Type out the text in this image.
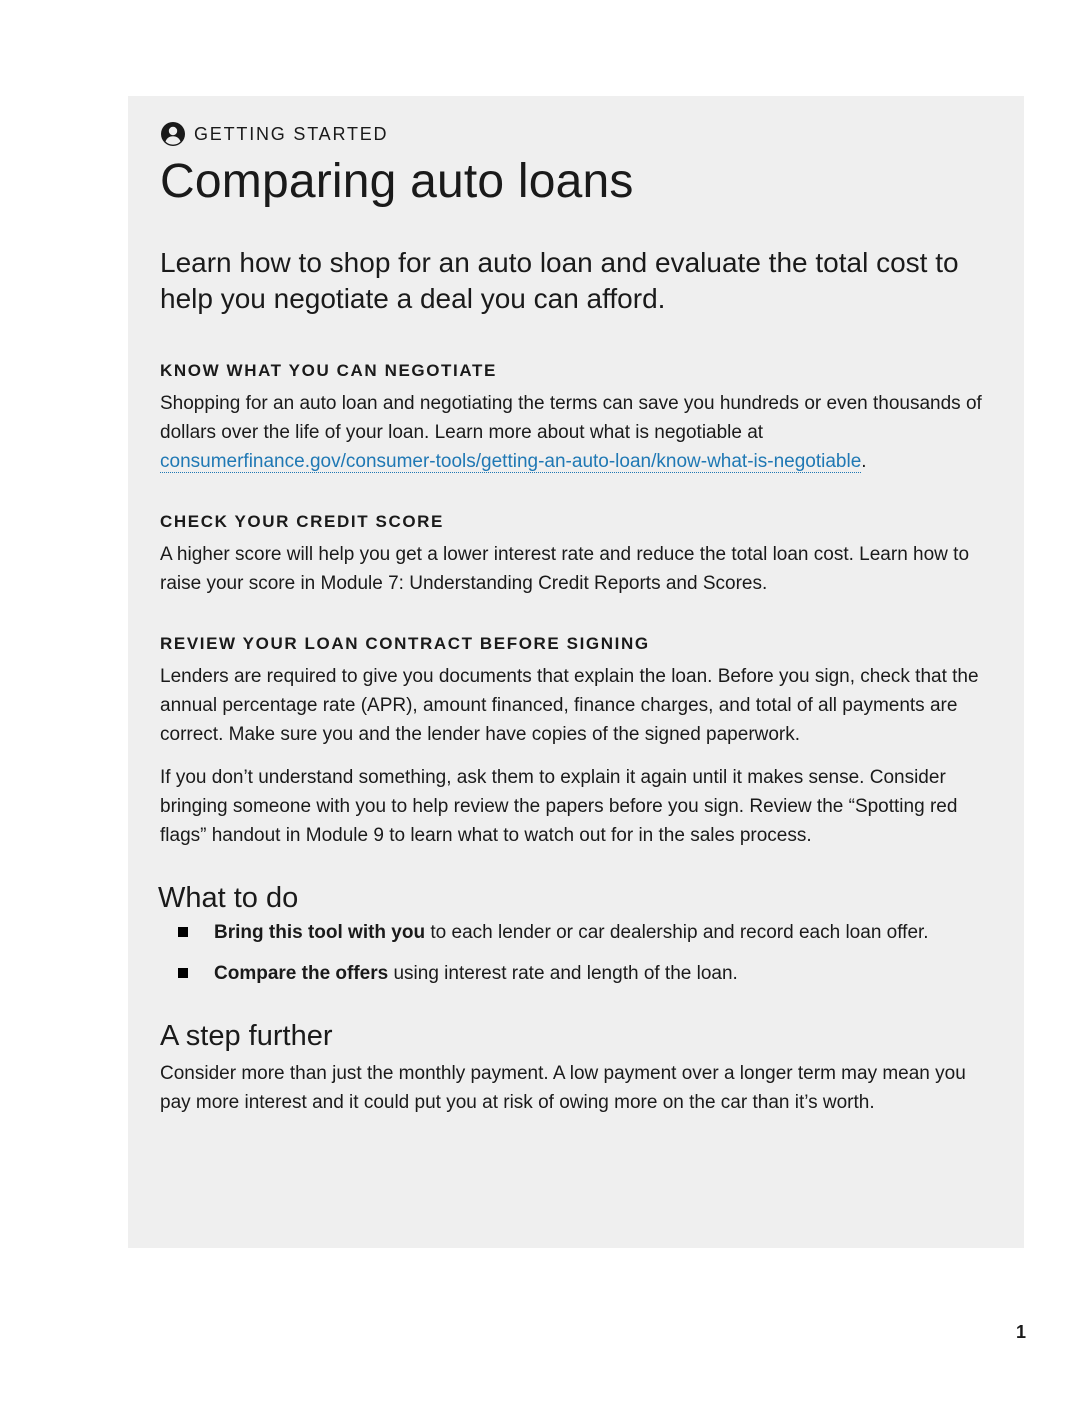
GETTING STARTED
Comparing auto loans

Learn how to shop for an auto loan and evaluate the total cost to help you negotiate a deal you can afford.

KNOW WHAT YOU CAN NEGOTIATE

Shopping for an auto loan and negotiating the terms can save you hundreds or even thousands of dollars over the life of your loan. Learn more about what is negotiable at consumerfinance.gov/consumer-tools/getting-an-auto-loan/know-what-is-negotiable.

CHECK YOUR CREDIT SCORE

A higher score will help you get a lower interest rate and reduce the total loan cost. Learn how to raise your score in Module 7: Understanding Credit Reports and Scores.

REVIEW YOUR LOAN CONTRACT BEFORE SIGNING

Lenders are required to give you documents that explain the loan. Before you sign, check that the annual percentage rate (APR), amount financed, finance charges, and total of all payments are correct. Make sure you and the lender have copies of the signed paperwork.

If you don’t understand something, ask them to explain it again until it makes sense. Consider bringing someone with you to help review the papers before you sign. Review the “Spotting red flags” handout in Module 9 to learn what to watch out for in the sales process.

What to do
Bring this tool with you to each lender or car dealership and record each loan offer.
Compare the offers using interest rate and length of the loan.
A step further

Consider more than just the monthly payment. A low payment over a longer term may mean you pay more interest and it could put you at risk of owing more on the car than it’s worth.

1
